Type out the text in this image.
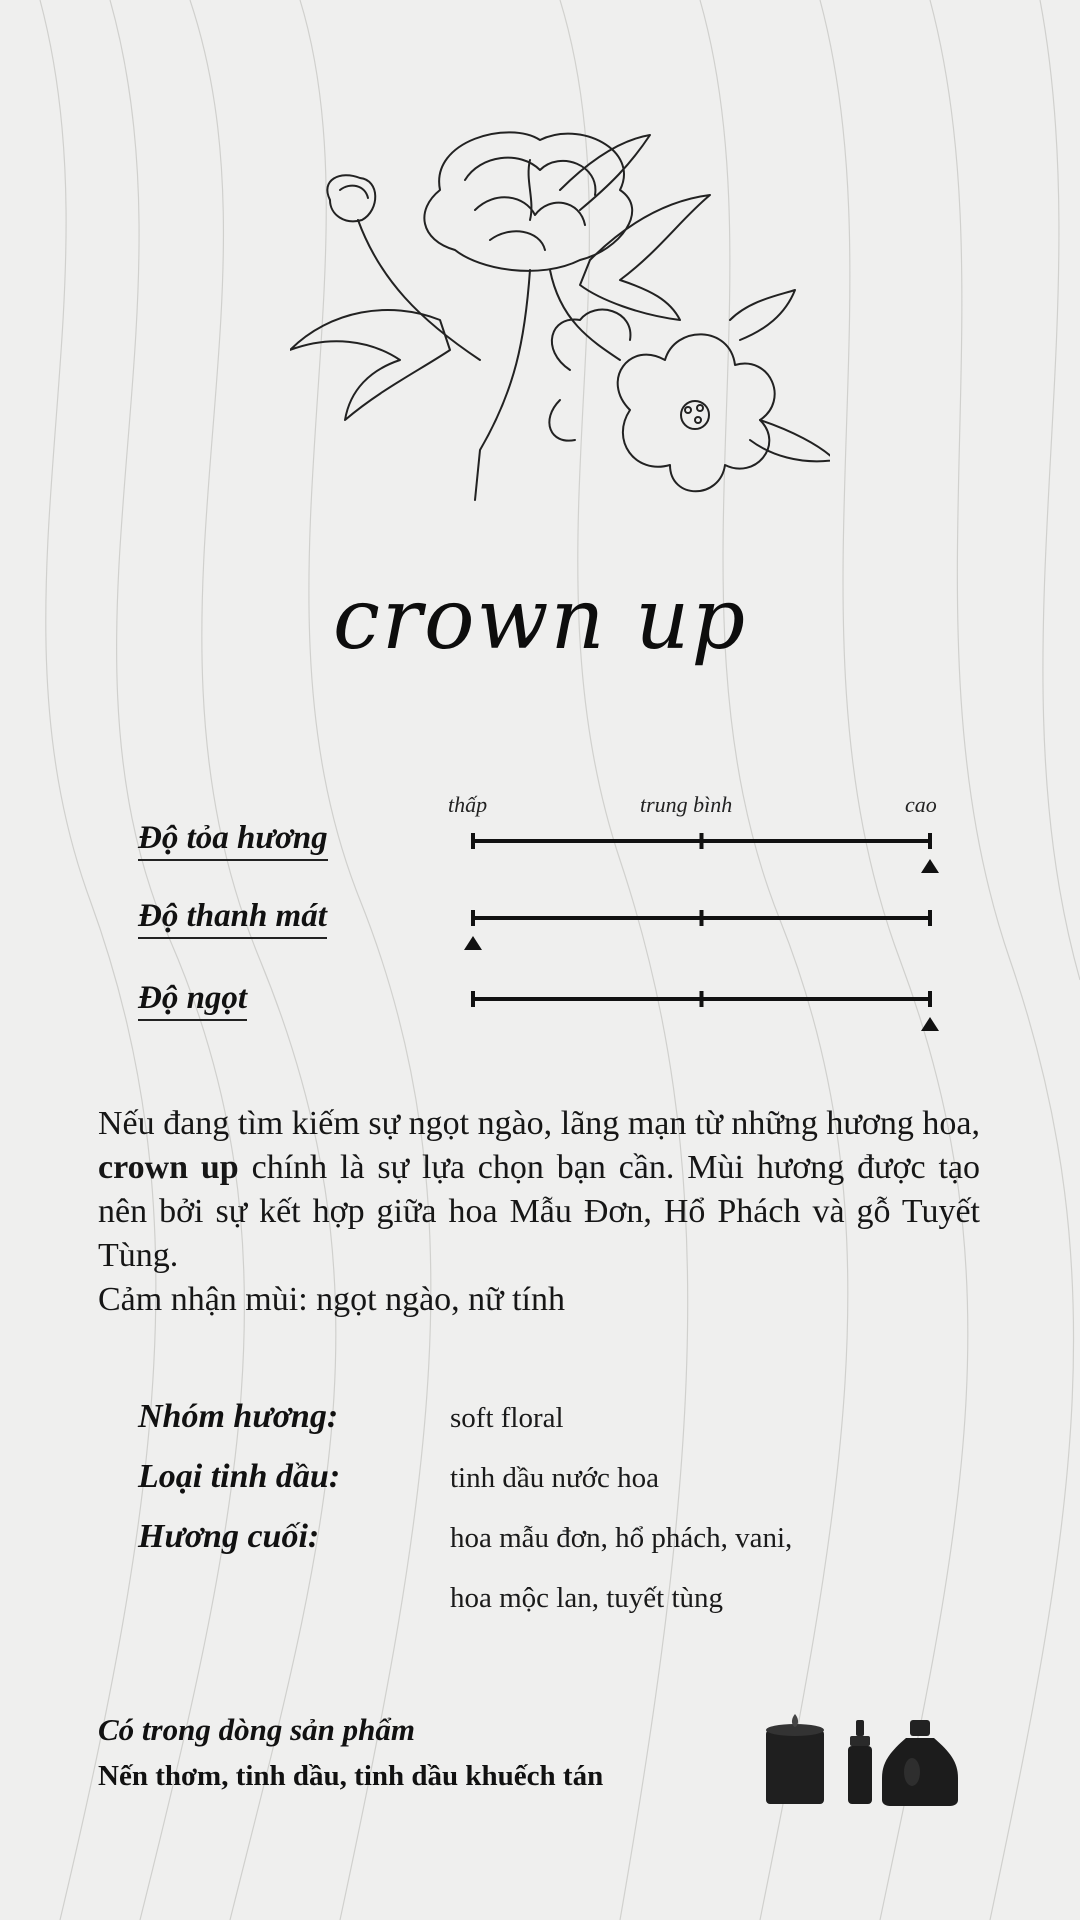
crown up
thấp	trung bình	cao
Độ tỏa hương
Độ thanh mát
Độ ngọt
Nếu đang tìm kiếm sự ngọt ngào, lãng mạn từ những hương hoa, crown up chính là sự lựa chọn bạn cần. Mùi hương được tạo nên bởi sự kết hợp giữa hoa Mẫu Đơn, Hổ Phách và gỗ Tuyết Tùng.
Cảm nhận mùi: ngọt ngào, nữ tính
Nhóm hương:	soft floral
Loại tinh dầu:	tinh dầu nước hoa
Hương cuối:	hoa mẫu đơn, hổ phách, vani,
hoa mộc lan, tuyết tùng
Có trong dòng sản phẩm
Nến thơm, tinh dầu, tinh dầu khuếch tán
